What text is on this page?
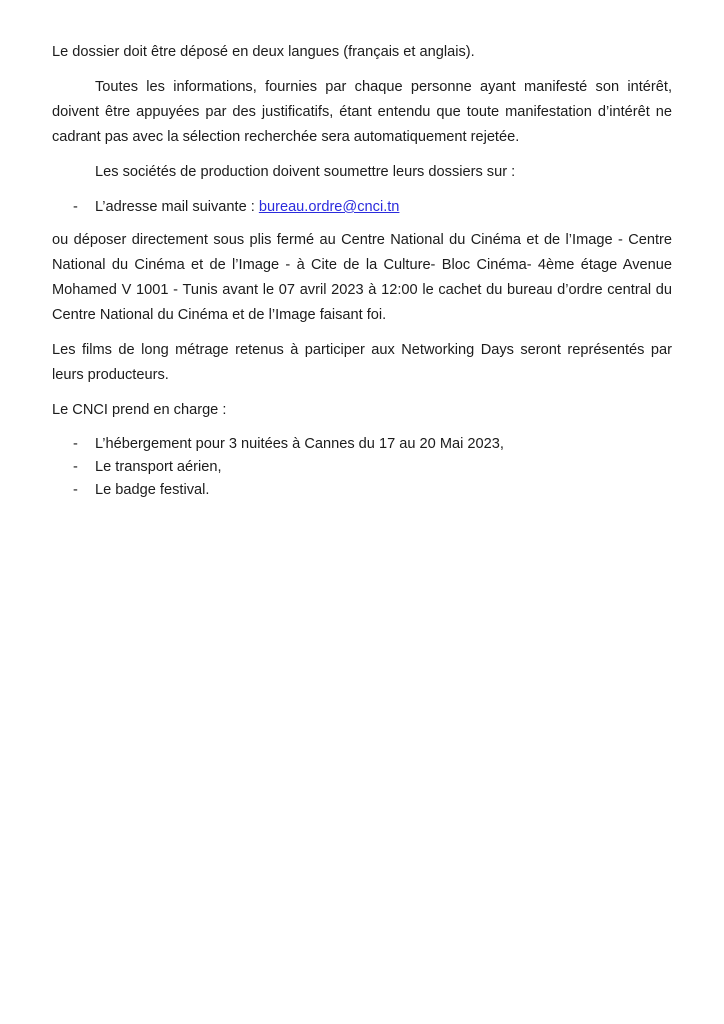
Le dossier doit être déposé en deux langues (français et anglais).

Toutes les informations, fournies par chaque personne ayant manifesté son intérêt, doivent être appuyées par des justificatifs, étant entendu que toute manifestation d’intérêt ne cadrant pas avec la sélection recherchée sera automatiquement rejetée.

Les sociétés de production doivent soumettre leurs dossiers sur :

-	L’adresse mail suivante : bureau.ordre@cnci.tn

ou déposer directement sous plis fermé au Centre National du Cinéma et de l’Image - Centre National du Cinéma et de l’Image - à Cite de la Culture- Bloc Cinéma- 4ème étage Avenue Mohamed V 1001 - Tunis avant le 07 avril 2023 à 12:00 le cachet du bureau d’ordre central du Centre National du Cinéma et de l’Image faisant foi.

Les films de long métrage retenus à participer aux Networking Days seront représentés par leurs producteurs.

Le CNCI prend en charge :

-	L’hébergement pour 3 nuitées à Cannes du 17 au 20 Mai 2023,
-	Le transport aérien,
-	Le badge festival.
